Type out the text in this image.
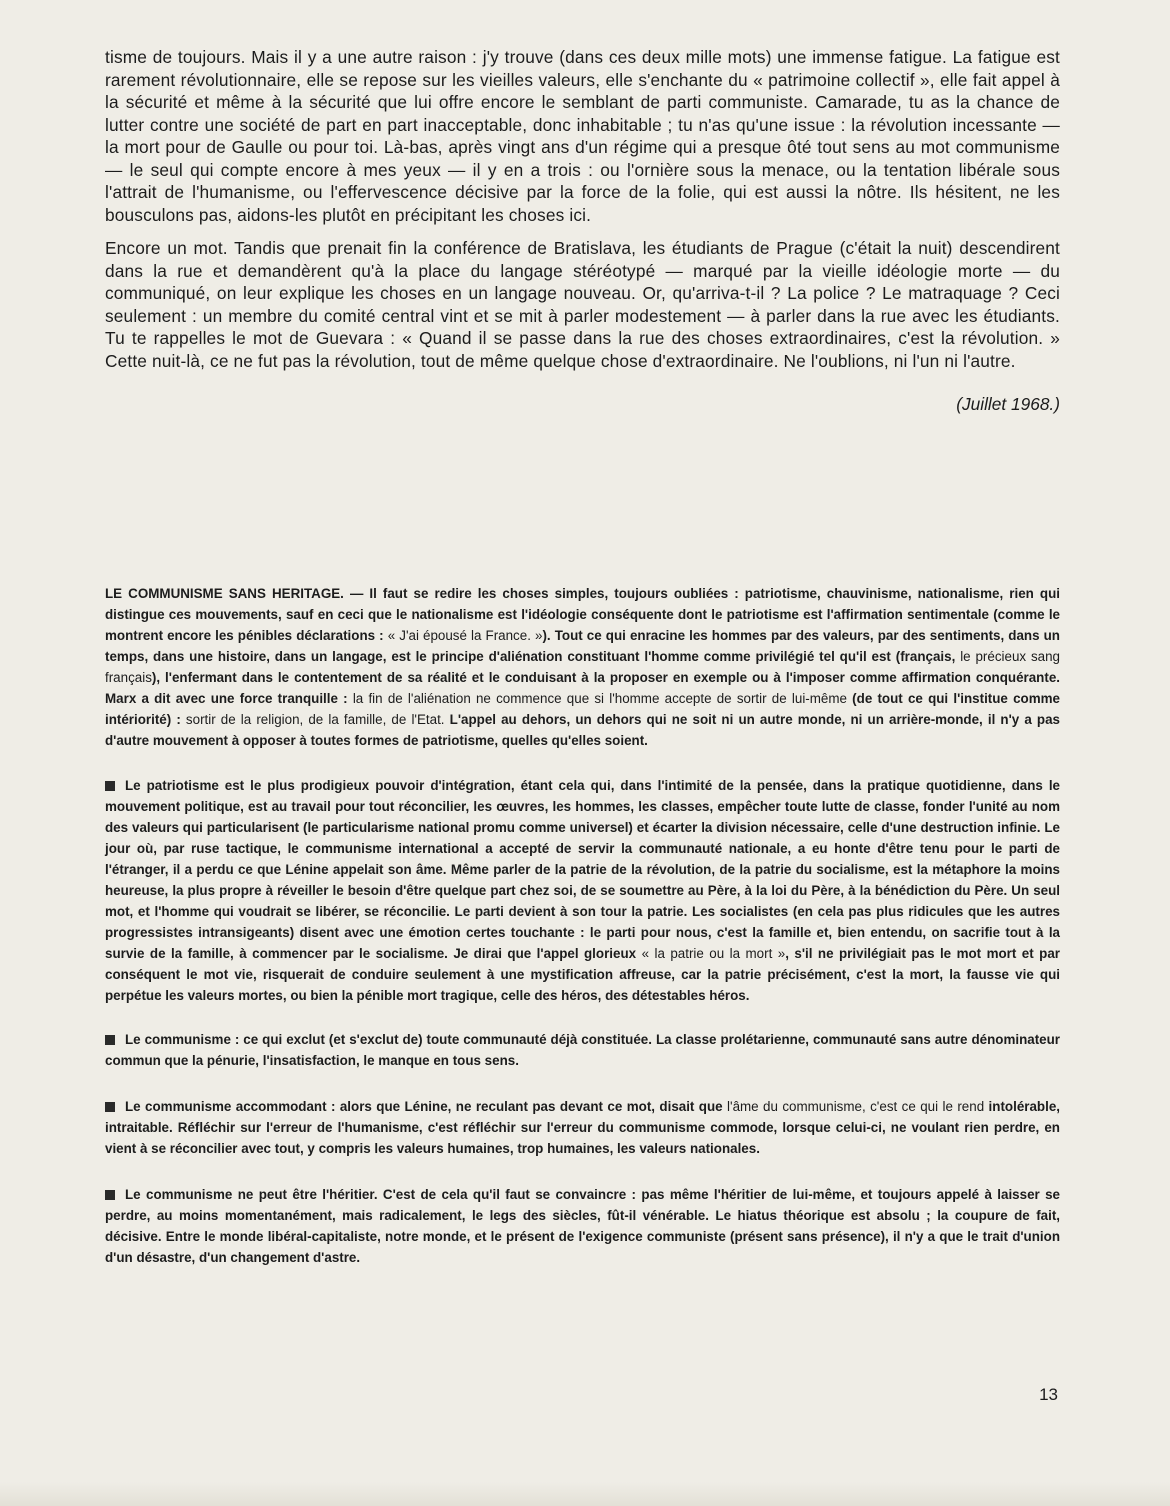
tisme de toujours. Mais il y a une autre raison : j'y trouve (dans ces deux mille mots) une immense fatigue. La fatigue est rarement révolutionnaire, elle se repose sur les vieilles valeurs, elle s'enchante du « patrimoine collectif », elle fait appel à la sécurité et même à la sécurité que lui offre encore le semblant de parti communiste. Camarade, tu as la chance de lutter contre une société de part en part inacceptable, donc inhabitable ; tu n'as qu'une issue : la révolution incessante — la mort pour de Gaulle ou pour toi. Là-bas, après vingt ans d'un régime qui a presque ôté tout sens au mot communisme — le seul qui compte encore à mes yeux — il y en a trois : ou l'ornière sous la menace, ou la tentation libérale sous l'attrait de l'humanisme, ou l'effervescence décisive par la force de la folie, qui est aussi la nôtre. Ils hésitent, ne les bousculons pas, aidons-les plutôt en précipitant les choses ici.

Encore un mot. Tandis que prenait fin la conférence de Bratislava, les étudiants de Prague (c'était la nuit) descendirent dans la rue et demandèrent qu'à la place du langage stéréotypé — marqué par la vieille idéologie morte — du communiqué, on leur explique les choses en un langage nouveau. Or, qu'arriva-t-il ? La police ? Le matraquage ? Ceci seulement : un membre du comité central vint et se mit à parler modestement — à parler dans la rue avec les étudiants. Tu te rappelles le mot de Guevara : « Quand il se passe dans la rue des choses extraordinaires, c'est la révolution. » Cette nuit-là, ce ne fut pas la révolution, tout de même quelque chose d'extraordinaire. Ne l'oublions, ni l'un ni l'autre.

(Juillet 1968.)

LE COMMUNISME SANS HERITAGE. — Il faut se redire les choses simples, toujours oubliées : patriotisme, chauvinisme, nationalisme, rien qui distingue ces mouvements, sauf en ceci que le nationalisme est l'idéologie conséquente dont le patriotisme est l'affirmation sentimentale (comme le montrent encore les pénibles déclarations : « J'ai épousé la France. »). Tout ce qui enracine les hommes par des valeurs, par des sentiments, dans un temps, dans une histoire, dans un langage, est le principe d'aliénation constituant l'homme comme privilégié tel qu'il est (français, le précieux sang français), l'enfermant dans le contentement de sa réalité et le conduisant à la proposer en exemple ou à l'imposer comme affirmation conquérante. Marx a dit avec une force tranquille : la fin de l'aliénation ne commence que si l'homme accepte de sortir de lui-même (de tout ce qui l'institue comme intériorité) : sortir de la religion, de la famille, de l'Etat. L'appel au dehors, un dehors qui ne soit ni un autre monde, ni un arrière-monde, il n'y a pas d'autre mouvement à opposer à toutes formes de patriotisme, quelles qu'elles soient.

Le patriotisme est le plus prodigieux pouvoir d'intégration, étant cela qui, dans l'intimité de la pensée, dans la pratique quotidienne, dans le mouvement politique, est au travail pour tout réconcilier, les œuvres, les hommes, les classes, empêcher toute lutte de classe, fonder l'unité au nom des valeurs qui particularisent (le particularisme national promu comme universel) et écarter la division nécessaire, celle d'une destruction infinie. Le jour où, par ruse tactique, le communisme international a accepté de servir la communauté nationale, a eu honte d'être tenu pour le parti de l'étranger, il a perdu ce que Lénine appelait son âme. Même parler de la patrie de la révolution, de la patrie du socialisme, est la métaphore la moins heureuse, la plus propre à réveiller le besoin d'être quelque part chez soi, de se soumettre au Père, à la loi du Père, à la bénédiction du Père. Un seul mot, et l'homme qui voudrait se libérer, se réconcilie. Le parti devient à son tour la patrie. Les socialistes (en cela pas plus ridicules que les autres progressistes intransigeants) disent avec une émotion certes touchante : le parti pour nous, c'est la famille et, bien entendu, on sacrifie tout à la survie de la famille, à commencer par le socialisme. Je dirai que l'appel glorieux « la patrie ou la mort », s'il ne privilégiait pas le mot mort et par conséquent le mot vie, risquerait de conduire seulement à une mystification affreuse, car la patrie précisément, c'est la mort, la fausse vie qui perpétue les valeurs mortes, ou bien la pénible mort tragique, celle des héros, des détestables héros.

Le communisme : ce qui exclut (et s'exclut de) toute communauté déjà constituée. La classe prolétarienne, communauté sans autre dénominateur commun que la pénurie, l'insatisfaction, le manque en tous sens.

Le communisme accommodant : alors que Lénine, ne reculant pas devant ce mot, disait que l'âme du communisme, c'est ce qui le rend intolérable, intraitable. Réfléchir sur l'erreur de l'humanisme, c'est réfléchir sur l'erreur du communisme commode, lorsque celui-ci, ne voulant rien perdre, en vient à se réconcilier avec tout, y compris les valeurs humaines, trop humaines, les valeurs nationales.

Le communisme ne peut être l'héritier. C'est de cela qu'il faut se convaincre : pas même l'héritier de lui-même, et toujours appelé à laisser se perdre, au moins momentanément, mais radicalement, le legs des siècles, fût-il vénérable. Le hiatus théorique est absolu ; la coupure de fait, décisive. Entre le monde libéral-capitaliste, notre monde, et le présent de l'exigence communiste (présent sans présence), il n'y a que le trait d'union d'un désastre, d'un changement d'astre.

13
